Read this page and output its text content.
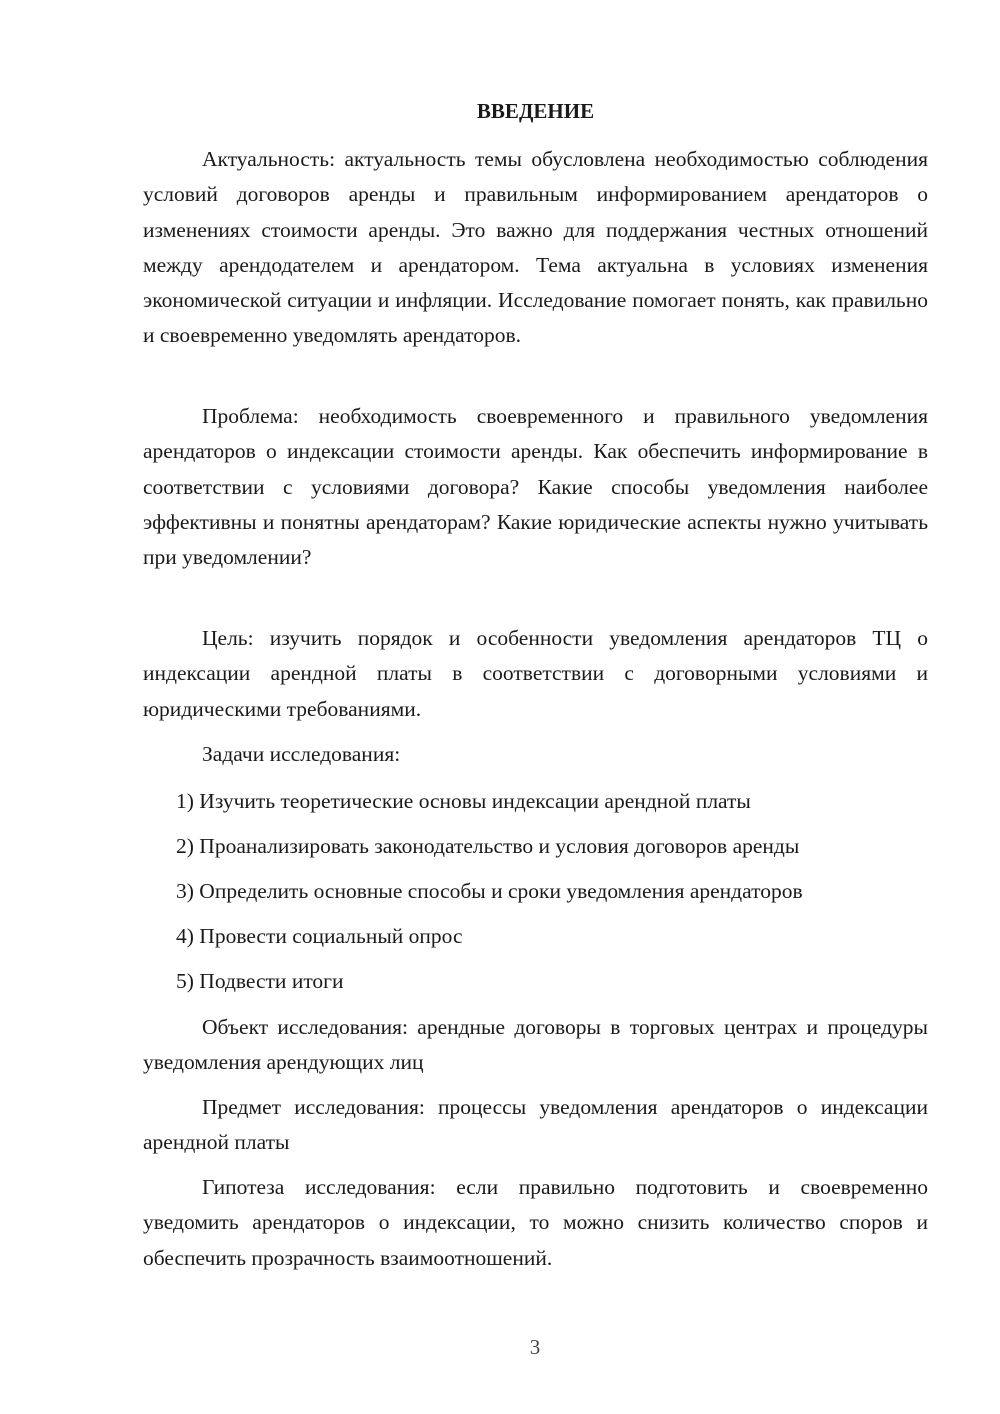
ВВЕДЕНИЕ

Актуальность: актуальность темы обусловлена необходимостью соблюдения условий договоров аренды и правильным информированием арендаторов о изменениях стоимости аренды. Это важно для поддержания честных отношений между арендодателем и арендатором. Тема актуальна в условиях изменения экономической ситуации и инфляции. Исследование помогает понять, как правильно и своевременно уведомлять арендаторов.

Проблема: необходимость своевременного и правильного уведомления арендаторов о индексации стоимости аренды. Как обеспечить информирование в соответствии с условиями договора? Какие способы уведомления наиболее эффективны и понятны арендаторам? Какие юридические аспекты нужно учитывать при уведомлении?

Цель: изучить порядок и особенности уведомления арендаторов ТЦ о индексации арендной платы в соответствии с договорными условиями и юридическими требованиями.

Задачи исследования:

1) Изучить теоретические основы индексации арендной платы

2) Проанализировать законодательство и условия договоров аренды

3) Определить основные способы и сроки уведомления арендаторов

4) Провести социальный опрос

5) Подвести итоги

Объект исследования: арендные договоры в торговых центрах и процедуры уведомления арендующих лиц

Предмет исследования: процессы уведомления арендаторов о индексации арендной платы

Гипотеза исследования: если правильно подготовить и своевременно уведомить арендаторов о индексации, то можно снизить количество споров и обеспечить прозрачность взаимоотношений.

3
